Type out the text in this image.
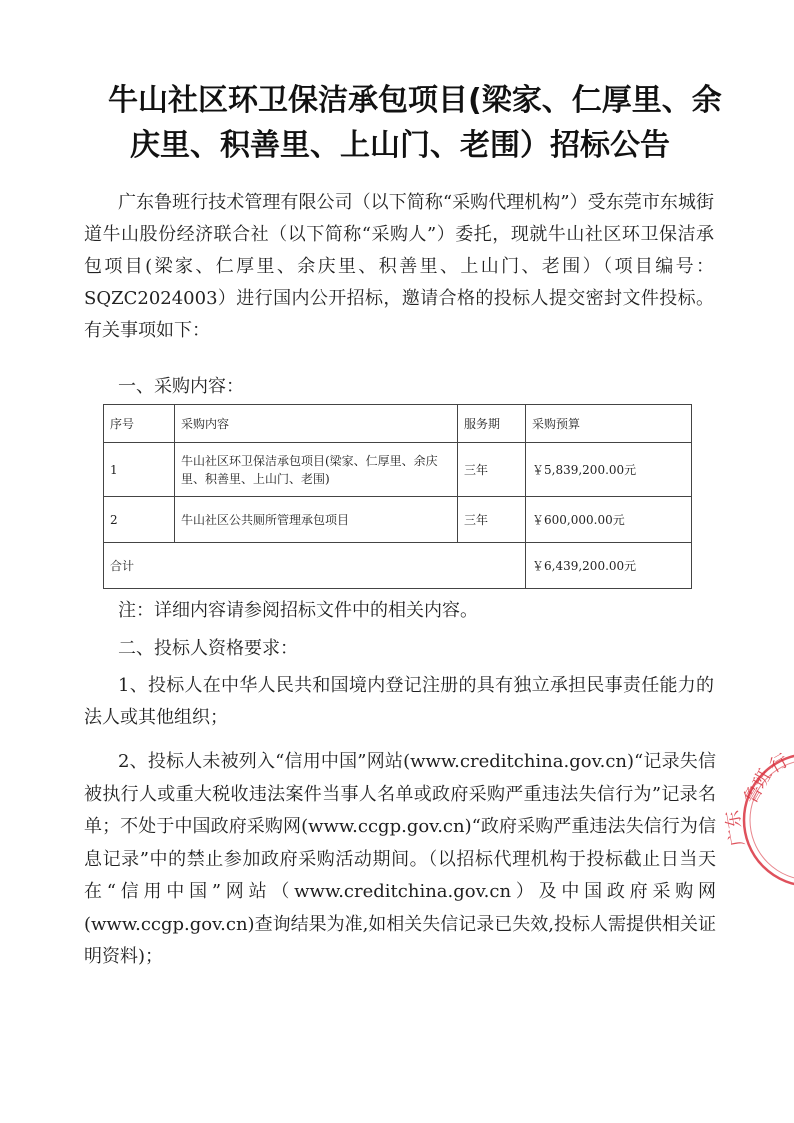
牛山社区环卫保洁承包项目(梁家、仁厚里、余
庆里、积善里、上山门、老围）招标公告
广东鲁班行技术管理有限公司（以下简称“采购代理机构”）受东莞市东城街道牛山股份经济联合社（以下简称“采购人”）委托，现就牛山社区环卫保洁承包项目(梁家、仁厚里、余庆里、积善里、上山门、老围）（项目编号：SQZC2024003）进行国内公开招标，邀请合格的投标人提交密封文件投标。有关事项如下：
一、采购内容：
序号	采购内容	服务期	采购预算
1	牛山社区环卫保洁承包项目(梁家、仁厚里、余庆里、积善里、上山门、老围)	三年	￥5,839,200.00元
2	牛山社区公共厕所管理承包项目	三年	￥600,000.00元
合计			￥6,439,200.00元
注：详细内容请参阅招标文件中的相关内容。
二、投标人资格要求：
1、投标人在中华人民共和国境内登记注册的具有独立承担民事责任能力的法人或其他组织；
2、投标人未被列入“信用中国”网站(www.creditchina.gov.cn)“记录失信被执行人或重大税收违法案件当事人名单或政府采购严重违法失信行为”记录名单；不处于中国政府采购网(www.ccgp.gov.cn)“政府采购严重违法失信行为信息记录”中的禁止参加政府采购活动期间。（以招标代理机构于投标截止日当天在“信用中国”网站（www.creditchina.gov.cn）及中国政府采购网(www.ccgp.gov.cn)查询结果为准,如相关失信记录已失效,投标人需提供相关证明资料)；
鲁班
广东
行
